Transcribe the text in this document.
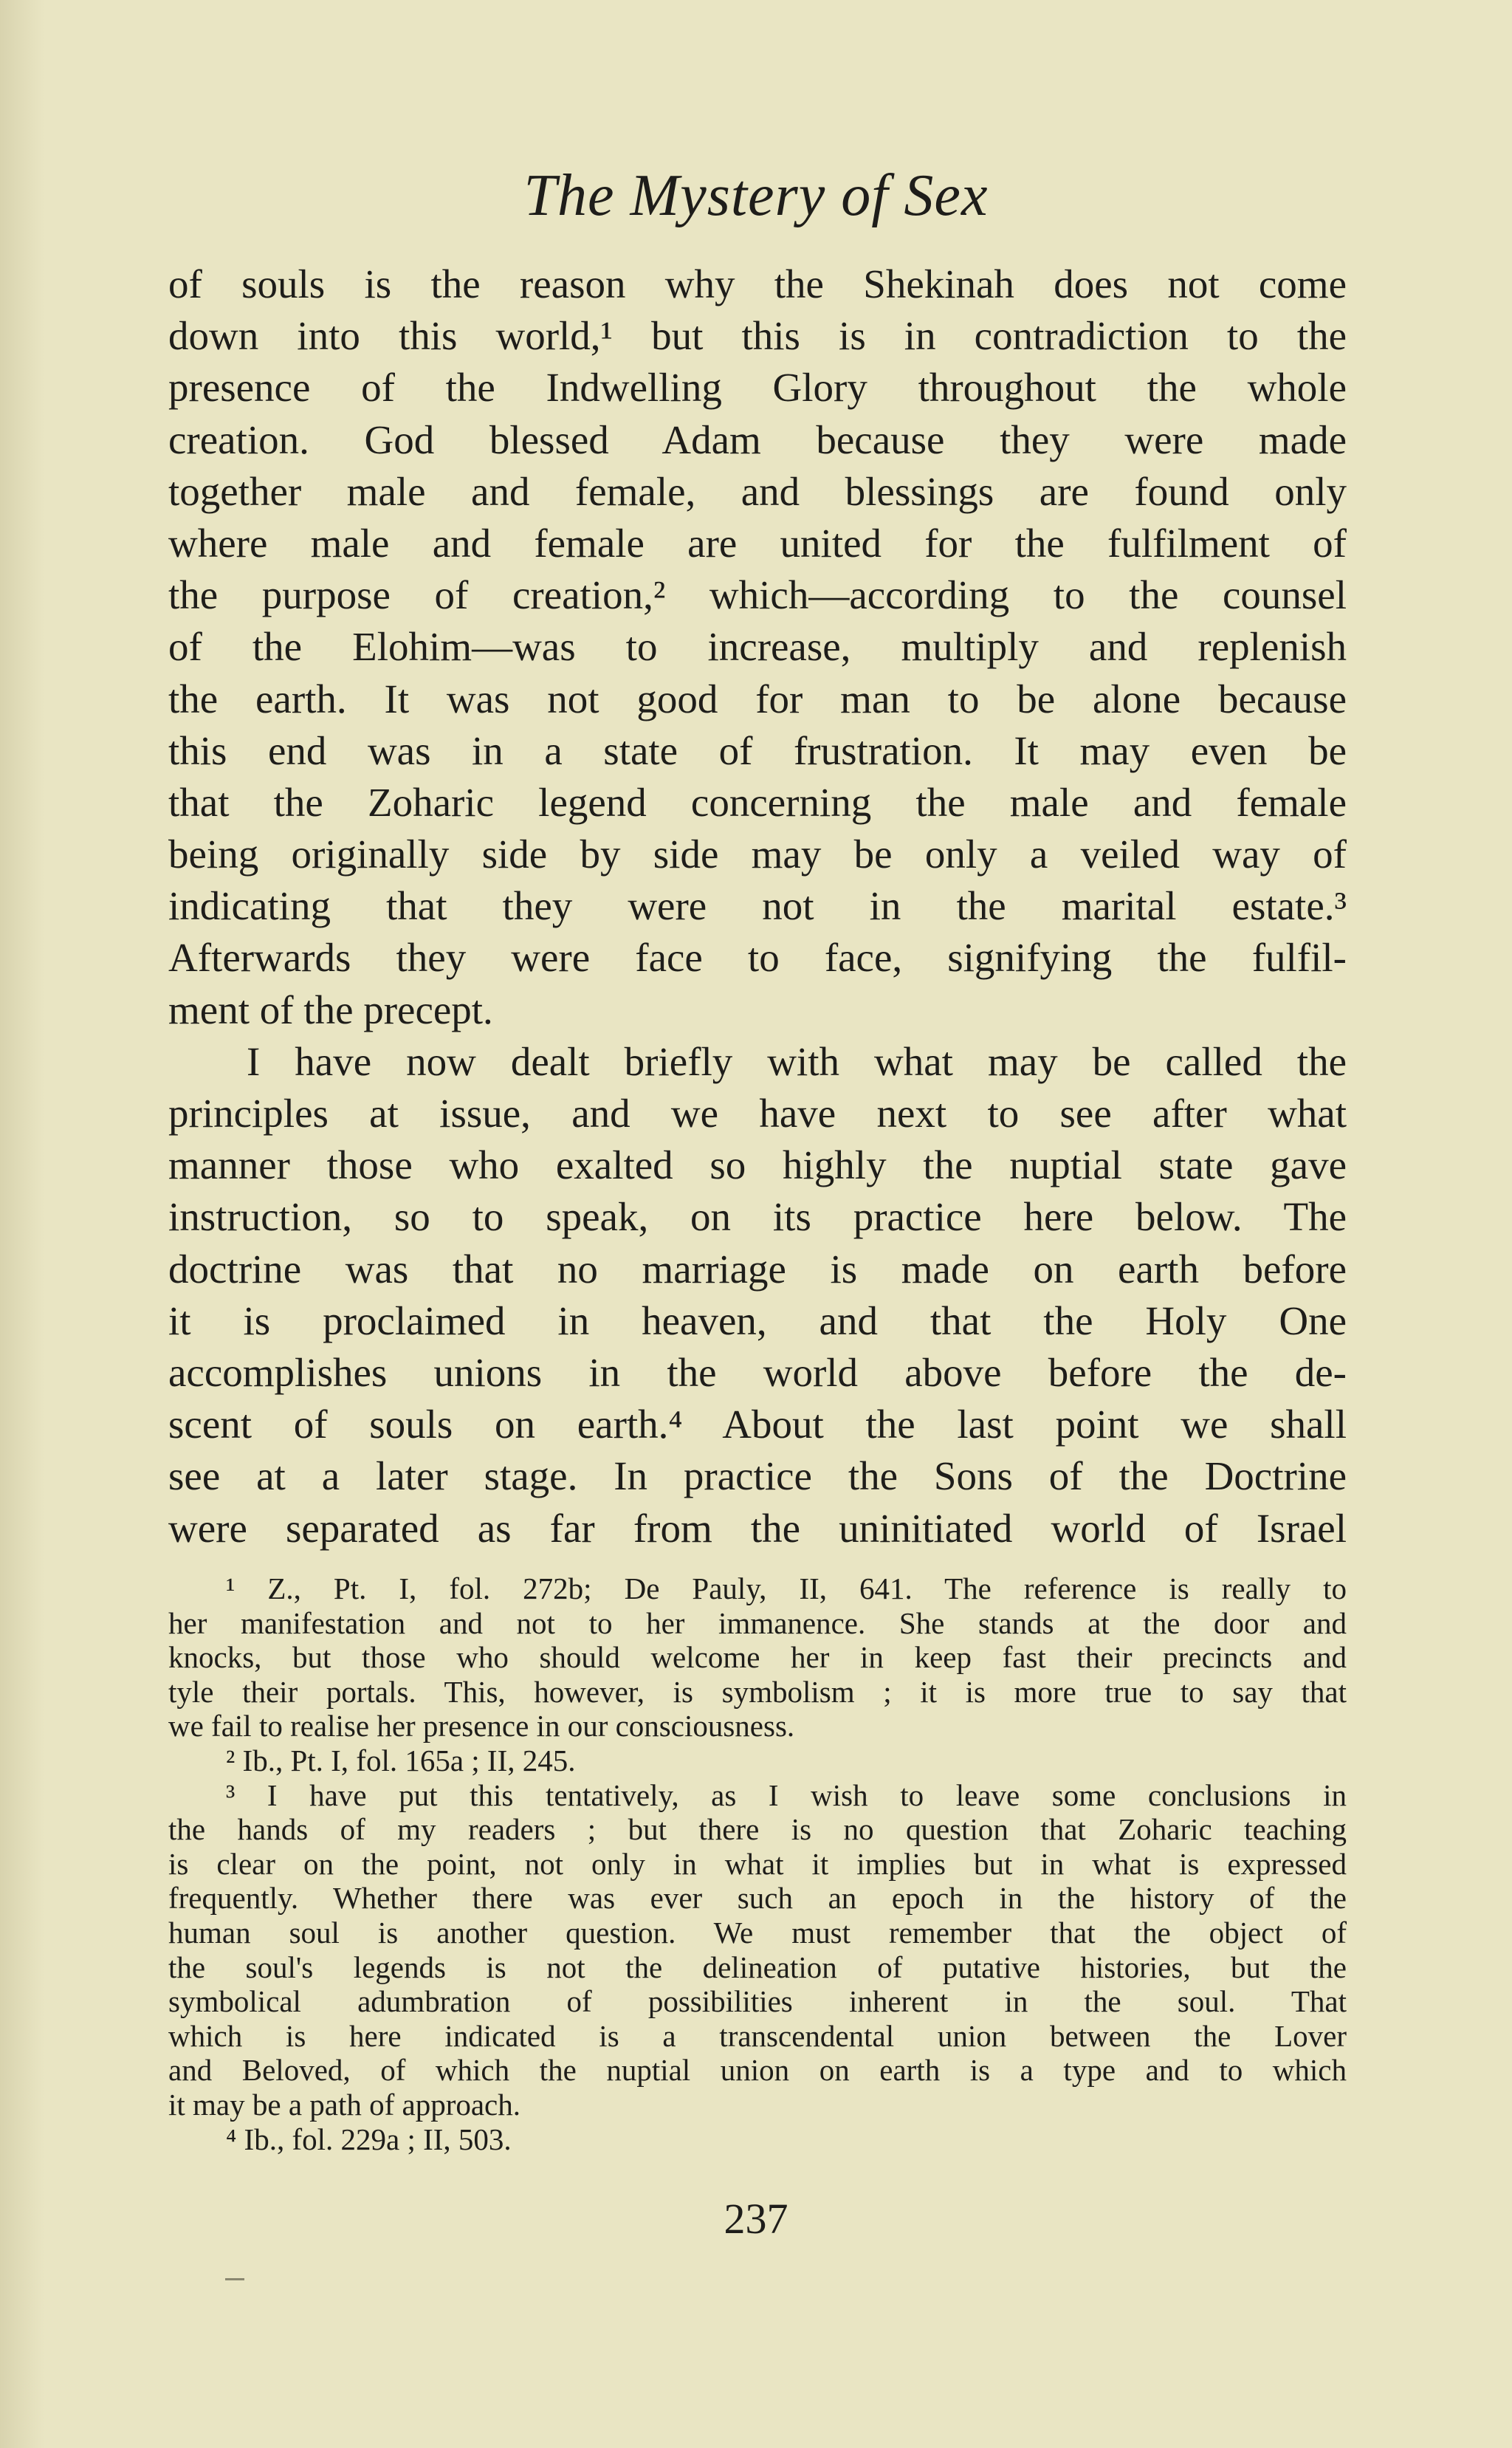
The Mystery of Sex
of souls is the reason why the Shekinah does not come
down into this world,¹ but this is in contradiction to the
presence of the Indwelling Glory throughout the whole
creation. God blessed Adam because they were made
together male and female, and blessings are found only
where male and female are united for the fulfilment of
the purpose of creation,² which—according to the counsel
of the Elohim—was to increase, multiply and replenish
the earth. It was not good for man to be alone because
this end was in a state of frustration. It may even be
that the Zoharic legend concerning the male and female
being originally side by side may be only a veiled way of
indicating that they were not in the marital estate.³
Afterwards they were face to face, signifying the fulfil-
ment of the precept.
I have now dealt briefly with what may be called the
principles at issue, and we have next to see after what
manner those who exalted so highly the nuptial state gave
instruction, so to speak, on its practice here below. The
doctrine was that no marriage is made on earth before
it is proclaimed in heaven, and that the Holy One
accomplishes unions in the world above before the de-
scent of souls on earth.⁴ About the last point we shall
see at a later stage. In practice the Sons of the Doctrine
were separated as far from the uninitiated world of Israel
¹ Z., Pt. I, fol. 272b; De Pauly, II, 641. The reference is really to
her manifestation and not to her immanence. She stands at the door and
knocks, but those who should welcome her in keep fast their precincts and
tyle their portals. This, however, is symbolism ; it is more true to say that
we fail to realise her presence in our consciousness.
² Ib., Pt. I, fol. 165a ; II, 245.
³ I have put this tentatively, as I wish to leave some conclusions in
the hands of my readers ; but there is no question that Zoharic teaching
is clear on the point, not only in what it implies but in what is expressed
frequently. Whether there was ever such an epoch in the history of the
human soul is another question. We must remember that the object of
the soul's legends is not the delineation of putative histories, but the
symbolical adumbration of possibilities inherent in the soul. That
which is here indicated is a transcendental union between the Lover
and Beloved, of which the nuptial union on earth is a type and to which
it may be a path of approach.
⁴ Ib., fol. 229a ; II, 503.
237
